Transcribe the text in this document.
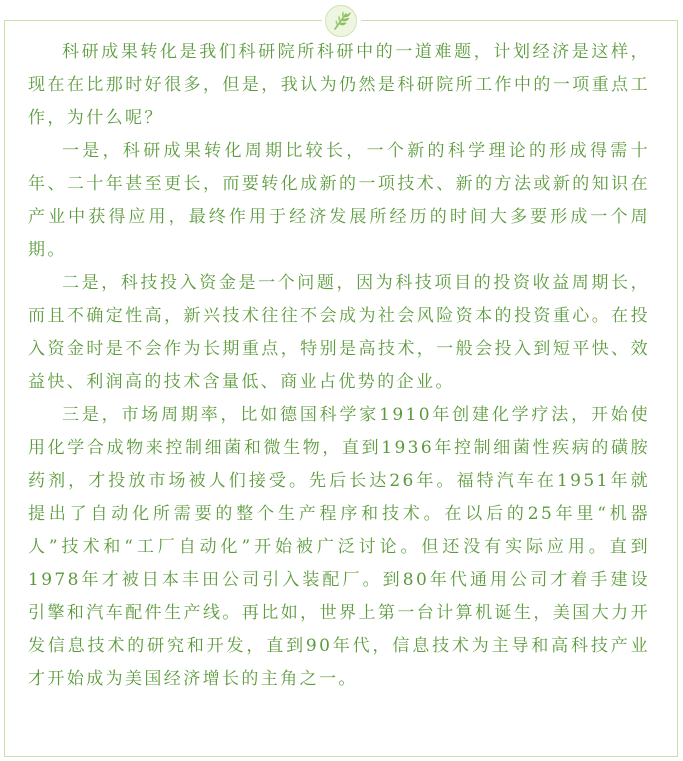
科研成果转化是我们科研院所科研中的一道难题，计划经济是这样，现在在比那时好很多，但是，我认为仍然是科研院所工作中的一项重点工作，为什么呢？

一是，科研成果转化周期比较长，一个新的科学理论的形成得需十年、二十年甚至更长，而要转化成新的一项技术、新的方法或新的知识在产业中获得应用，最终作用于经济发展所经历的时间大多要形成一个周期。

二是，科技投入资金是一个问题，因为科技项目的投资收益周期长，而且不确定性高，新兴技术往往不会成为社会风险资本的投资重心。在投入资金时是不会作为长期重点，特别是高技术，一般会投入到短平快、效益快、利润高的技术含量低、商业占优势的企业。

三是，市场周期率，比如德国科学家1910年创建化学疗法，开始使用化学合成物来控制细菌和微生物，直到1936年控制细菌性疾病的磺胺药剂，才投放市场被人们接受。先后长达26年。福特汽车在1951年就提出了自动化所需要的整个生产程序和技术。在以后的25年里“机器人”技术和“工厂自动化”开始被广泛讨论。但还没有实际应用。直到1978年才被日本丰田公司引入装配厂。到80年代通用公司才着手建设引擎和汽车配件生产线。再比如，世界上第一台计算机诞生，美国大力开发信息技术的研究和开发，直到90年代，信息技术为主导和高科技产业才开始成为美国经济增长的主角之一。
